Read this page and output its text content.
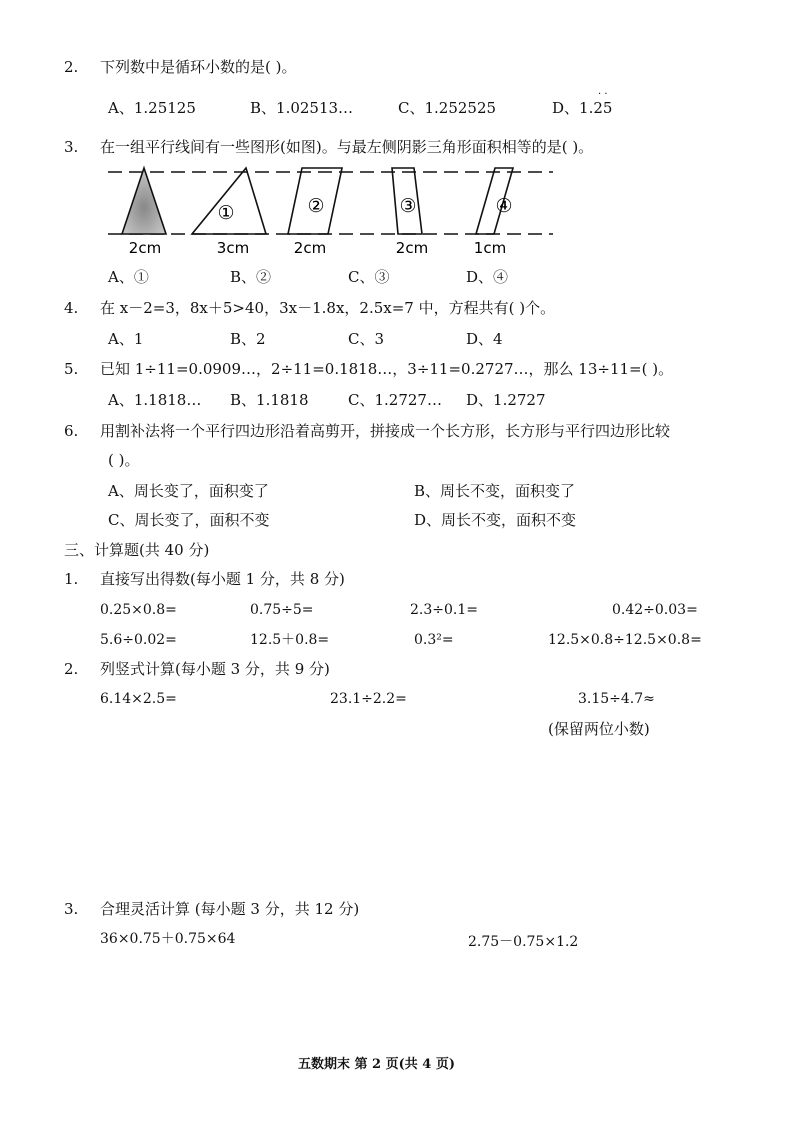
2. 下列数中是循环小数的是( )。
A、1.25125	B、1.02513…	C、1.252525	D、1.25
· ·
3. 在一组平行线间有一些图形(如图)。与最左侧阴影三角形面积相等的是( )。
①	②	③	④
2cm	3cm	2cm	2cm	1cm
A、①	B、②	C、③	D、④
4. 在 x－2=3，8x＋5>40，3x－1.8x，2.5x=7 中，方程共有( )个。
A、1	B、2	C、3	D、4
5. 已知 1÷11=0.0909…，2÷11=0.1818…，3÷11=0.2727…，那么 13÷11=( )。
A、1.1818… B、1.1818	C、1.2727… D、1.2727
6. 用割补法将一个平行四边形沿着高剪开，拼接成一个长方形，长方形与平行四边形比较
( )。
A、周长变了，面积变了	B、周长不变，面积变了
C、周长变了，面积不变	D、周长不变，面积不变
三、计算题(共 40 分)
1. 直接写出得数(每小题 1 分，共 8 分)
0.25×0.8=	0.75÷5=	2.3÷0.1=	0.42÷0.03=
5.6÷0.02=	12.5＋0.8=	0.3²=	12.5×0.8÷12.5×0.8=
2. 列竖式计算(每小题 3 分，共 9 分)
6.14×2.5=	23.1÷2.2=	3.15÷4.7≈
(保留两位小数)
3. 合理灵活计算 (每小题 3 分，共 12 分)
36×0.75＋0.75×64	2.75－0.75×1.2
五数期末 第 2 页(共 4 页)
